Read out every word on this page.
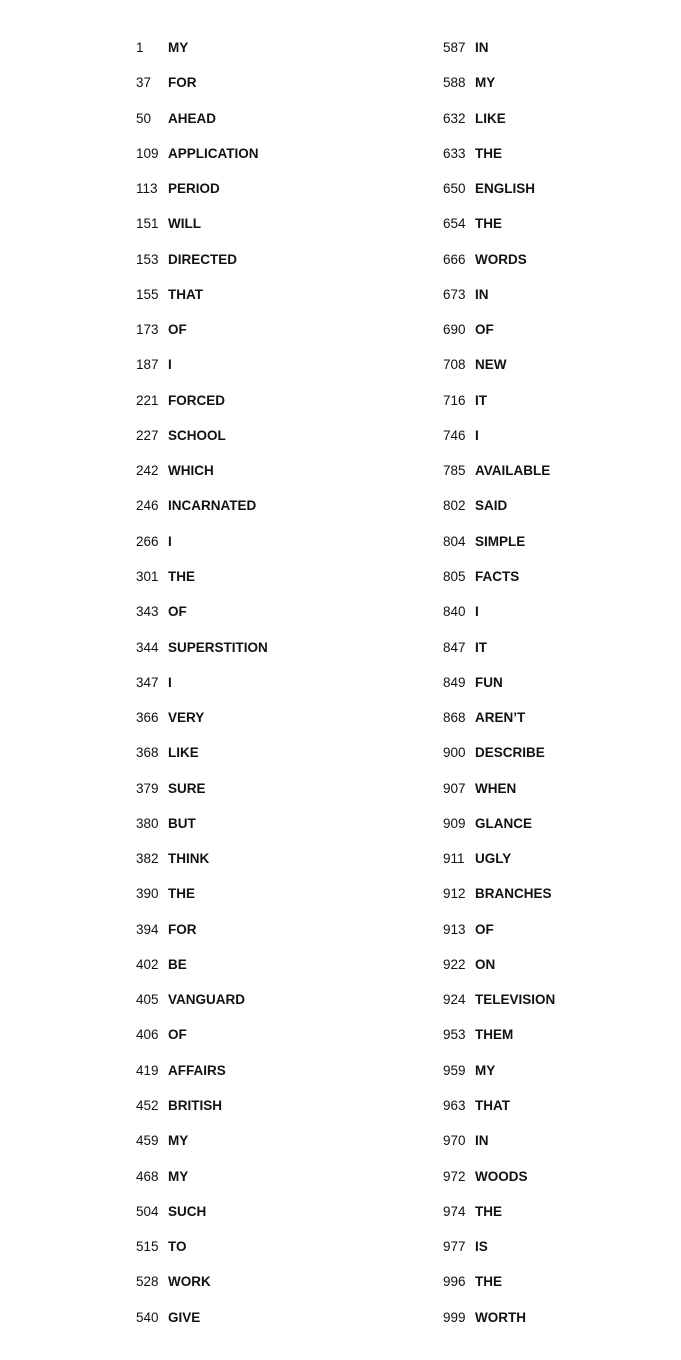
1 MY
37 FOR
50 AHEAD
109 APPLICATION
113 PERIOD
151 WILL
153 DIRECTED
155 THAT
173 OF
187 I
221 FORCED
227 SCHOOL
242 WHICH
246 INCARNATED
266 I
301 THE
343 OF
344 SUPERSTITION
347 I
366 VERY
368 LIKE
379 SURE
380 BUT
382 THINK
390 THE
394 FOR
402 BE
405 VANGUARD
406 OF
419 AFFAIRS
452 BRITISH
459 MY
468 MY
504 SUCH
515 TO
528 WORK
540 GIVE
587 IN
588 MY
632 LIKE
633 THE
650 ENGLISH
654 THE
666 WORDS
673 IN
690 OF
708 NEW
716 IT
746 I
785 AVAILABLE
802 SAID
804 SIMPLE
805 FACTS
840 I
847 IT
849 FUN
868 AREN’T
900 DESCRIBE
907 WHEN
909 GLANCE
911 UGLY
912 BRANCHES
913 OF
922 ON
924 TELEVISION
953 THEM
959 MY
963 THAT
970 IN
972 WOODS
974 THE
977 IS
996 THE
999 WORTH
